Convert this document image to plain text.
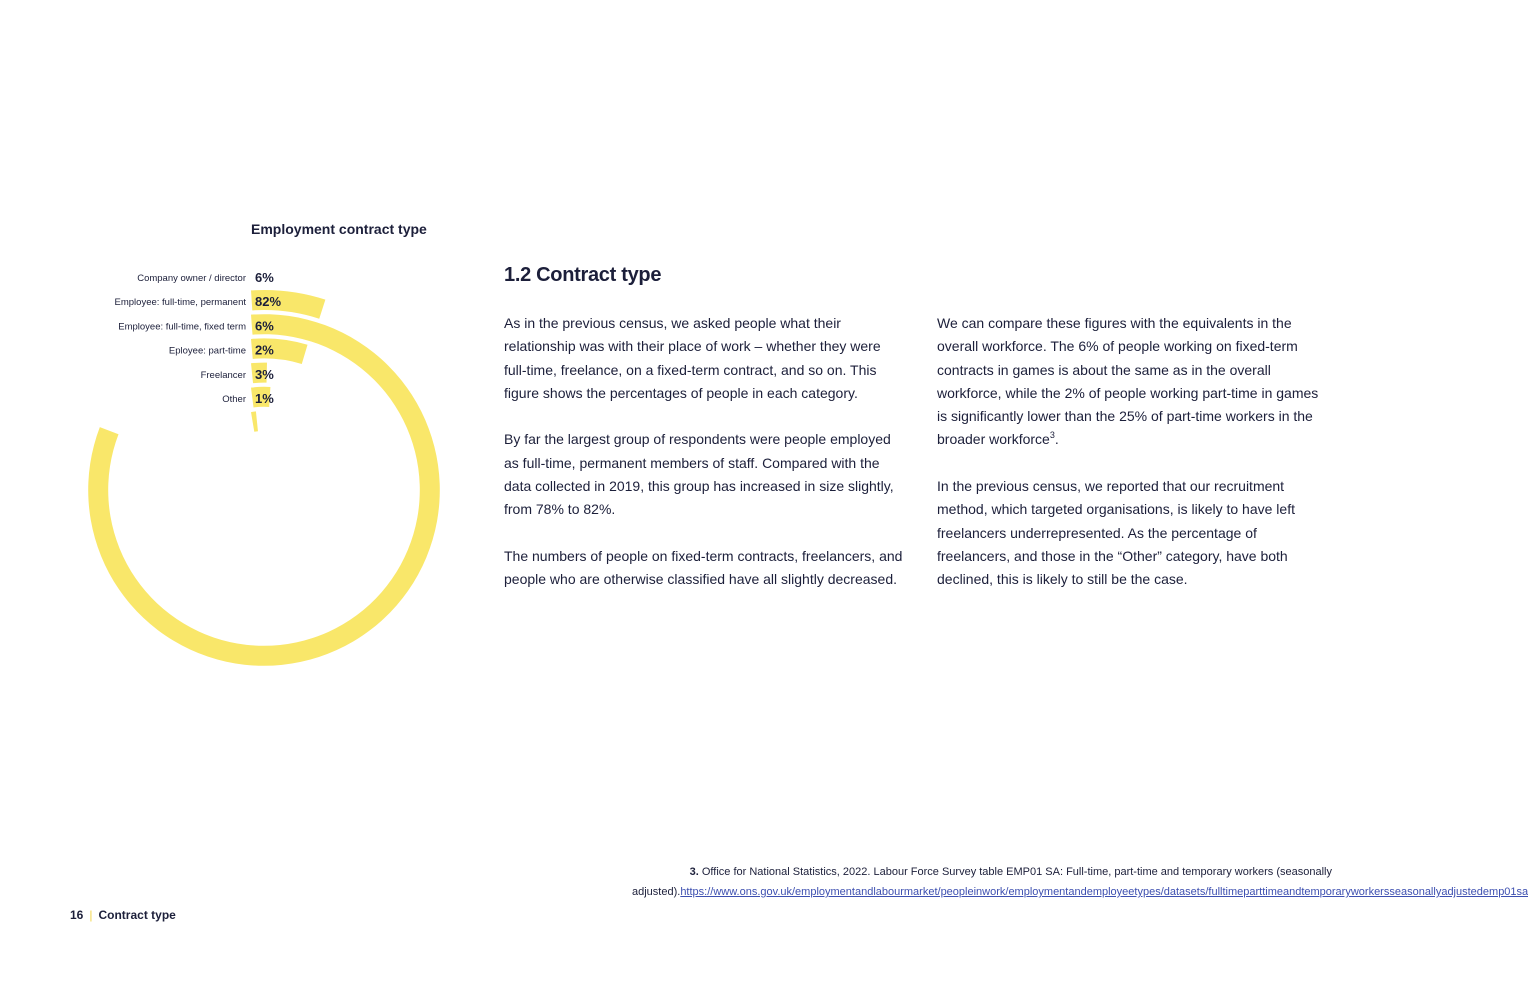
Employment contract type
Company owner / director 6%
Employee: full-time, permanent 82%
Employee: full-time, fixed term 6%
Eployee: part-time 2%
Freelancer 3%
Other 1%
1.2 Contract type

As in the previous census, we asked people what their relationship was with their place of work – whether they were full-time, freelance, on a fixed-term contract, and so on. This figure shows the percentages of people in each category.

By far the largest group of respondents were people employed as full-time, permanent members of staff. Compared with the data collected in 2019, this group has increased in size slightly, from 78% to 82%.

The numbers of people on fixed-term contracts, freelancers, and people who are otherwise classified have all slightly decreased.

We can compare these figures with the equivalents in the overall workforce. The 6% of people working on fixed-term contracts in games is about the same as in the overall workforce, while the 2% of people working part-time in games is significantly lower than the 25% of part-time workers in the broader workforce$^3$.

In the previous census, we reported that our recruitment method, which targeted organisations, is likely to have left freelancers underrepresented. As the percentage of freelancers, and those in the “Other” category, have both declined, this is likely to still be the case.

3. Office for National Statistics, 2022. Labour Force Survey table EMP01 SA: Full-time, part-time and temporary workers (seasonally adjusted).https://www.ons.gov.uk/employmentandlabourmarket/peopleinwork/employmentandemployeetypes/datasets/fulltimeparttimeandtemporaryworkersseasonallyadjustedemp01sa
16 | Contract type
